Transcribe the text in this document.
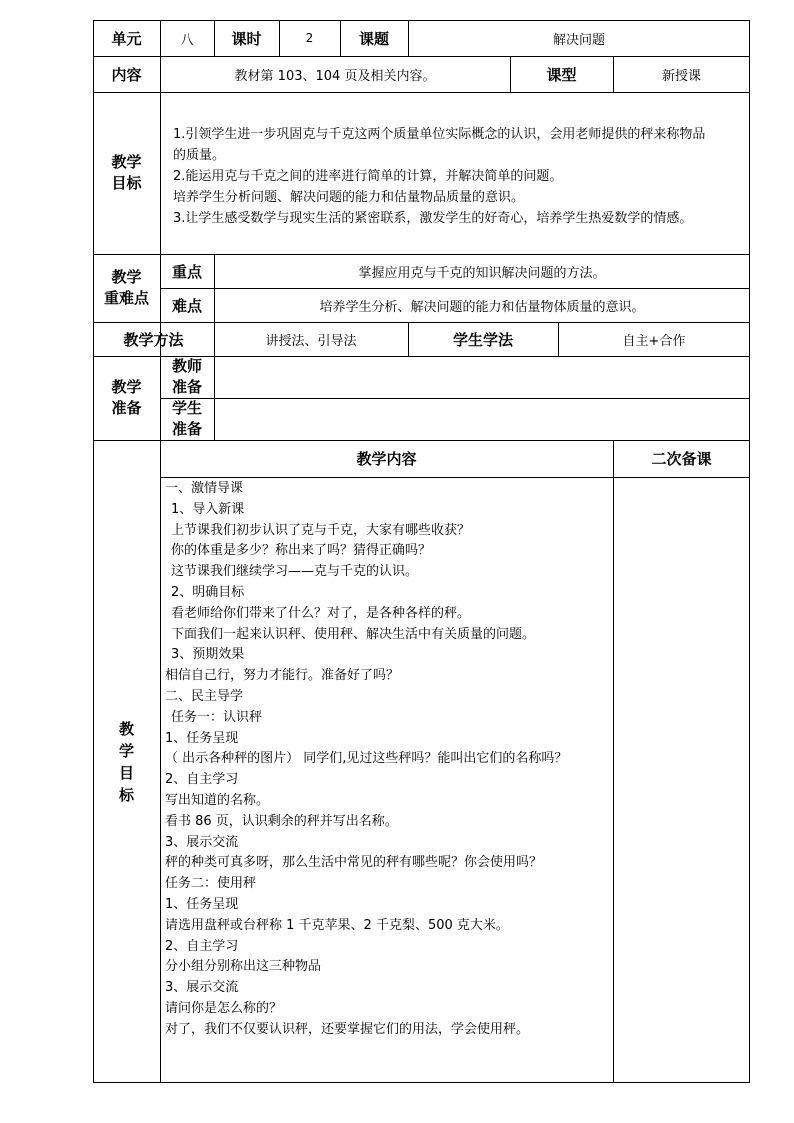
单元	八	课时	2	课题	解决问题
内容	教材第 103、104 页及相关内容。	课型	新授课
教学
目标

1.引领学生进一步巩固克与千克这两个质量单位实际概念的认识，会用老师提供的秤来称物品

的质量。

2.能运用克与千克之间的进率进行简单的计算，并解决简单的问题。

培养学生分析问题、解决问题的能力和估量物品质量的意识。

3.让学生感受数学与现实生活的紧密联系，激发学生的好奇心，培养学生热爱数学的情感。

教学
重难点
重点	掌握应用克与千克的知识解决问题的方法。
难点	培养学生分析、解决问题的能力和估量物体质量的意识。
教学方法	讲授法、引导法	学生学法	自主+合作
教学
准备
教师
准备
学生
准备
教
学
目
标
教学内容	二次备课

一、激情导课

1、导入新课

上节课我们初步认识了克与千克，大家有哪些收获？

你的体重是多少？称出来了吗？猜得正确吗？

这节课我们继续学习——克与千克的认识。

2、明确目标

看老师给你们带来了什么？对了，是各种各样的秤。

下面我们一起来认识秤、使用秤、解决生活中有关质量的问题。

3、预期效果

相信自己行，努力才能行。准备好了吗？

二、民主导学

任务一：认识秤

1、任务呈现

（ 出示各种秤的图片） 同学们,见过这些秤吗？能叫出它们的名称吗？

2、自主学习

写出知道的名称。

看书 86 页，认识剩余的秤并写出名称。

3、展示交流

秤的种类可真多呀，那么生活中常见的秤有哪些呢？你会使用吗？

任务二：使用秤

1、任务呈现

请选用盘秤或台秤称 1 千克苹果、2 千克梨、500 克大米。

2、自主学习

分小组分别称出这三种物品

3、展示交流

请问你是怎么称的？

对了，我们不仅要认识秤，还要掌握它们的用法，学会使用秤。
